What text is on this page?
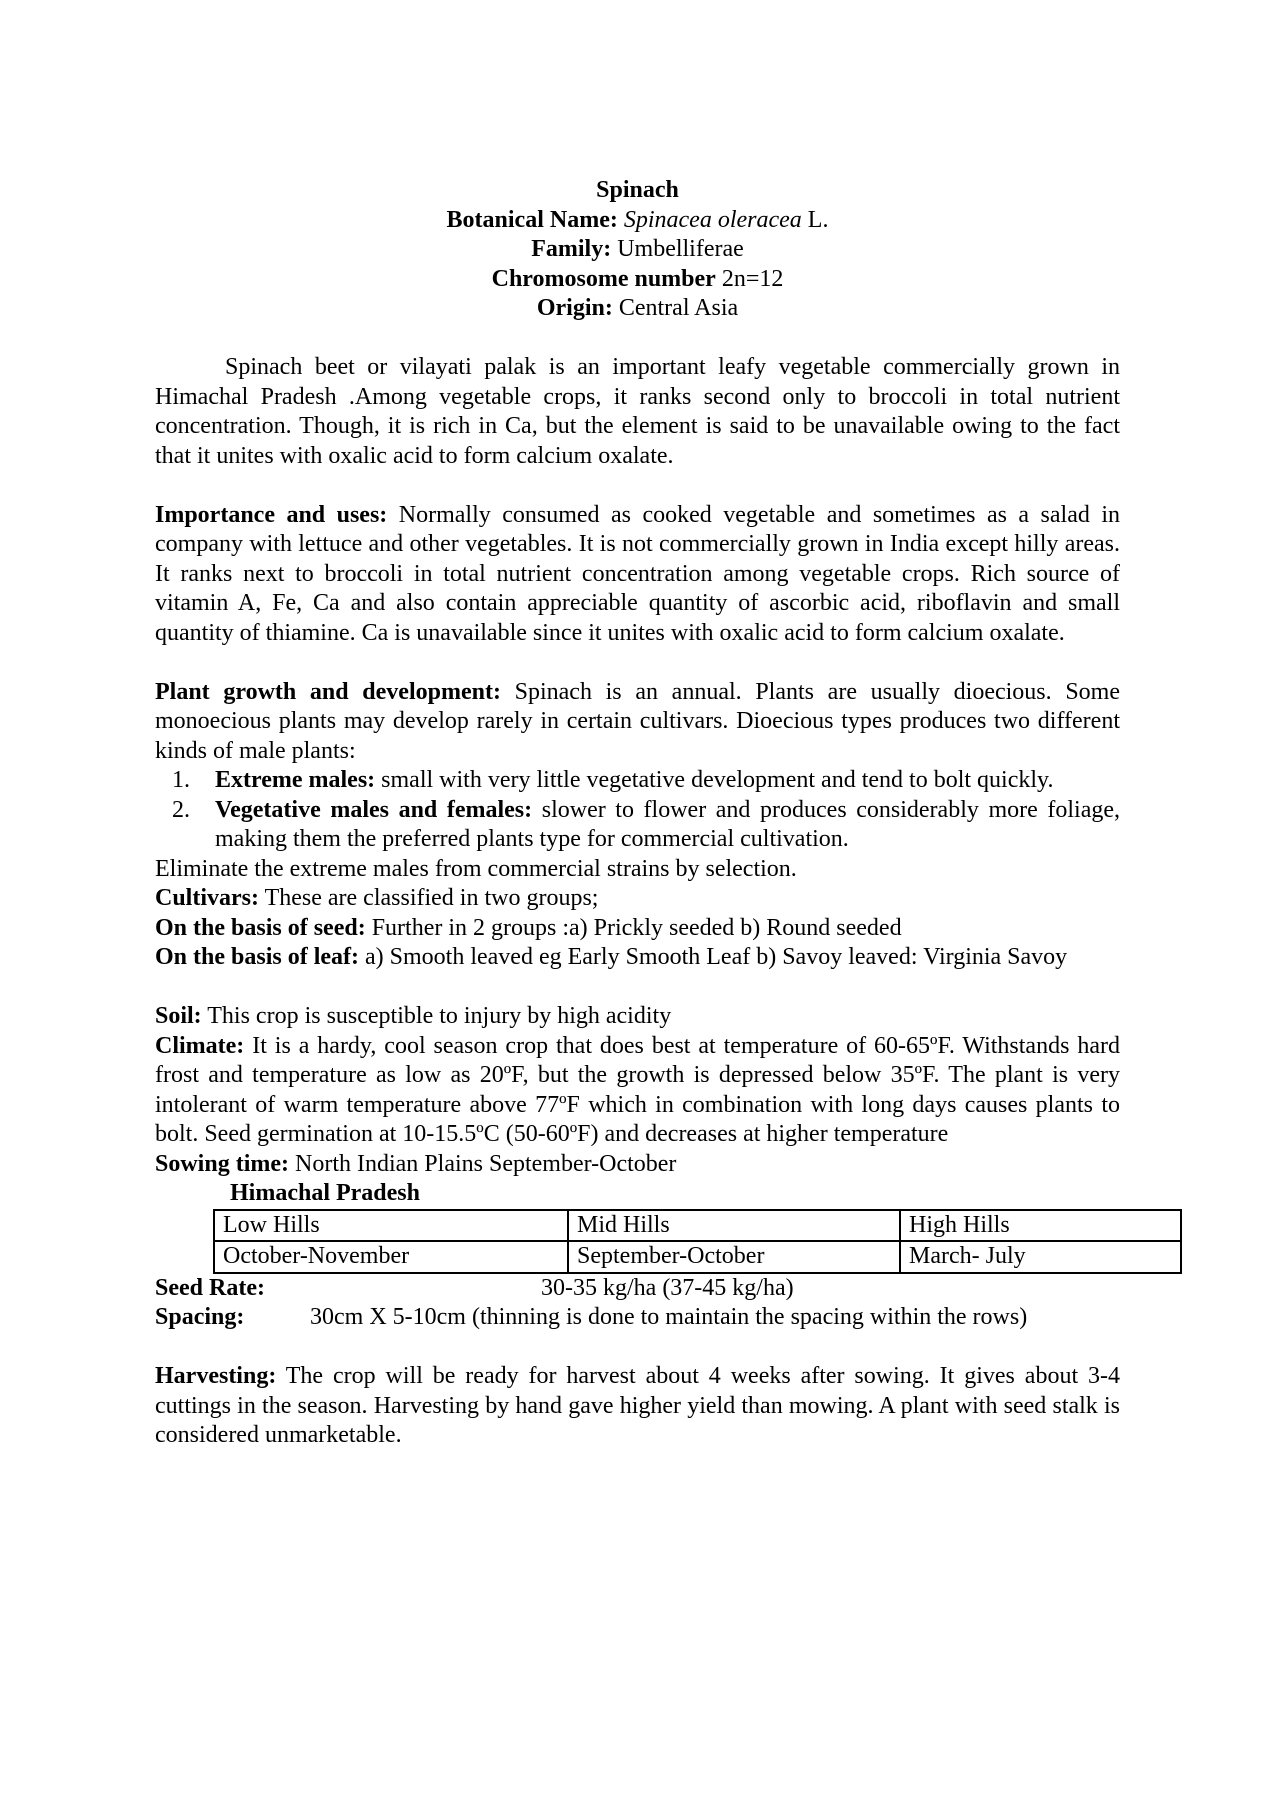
Spinach

Botanical Name: Spinacea oleracea L.

Family: Umbelliferae

Chromosome number 2n=12

Origin: Central Asia

Spinach beet or vilayati palak is an important leafy vegetable commercially grown in Himachal Pradesh .Among vegetable crops, it ranks second only to broccoli in total nutrient concentration. Though, it is rich in Ca, but the element is said to be unavailable owing to the fact that it unites with oxalic acid to form calcium oxalate.

Importance and uses: Normally consumed as cooked vegetable and sometimes as a salad in company with lettuce and other vegetables. It is not commercially grown in India except hilly areas. It ranks next to broccoli in total nutrient concentration among vegetable crops. Rich source of vitamin A, Fe, Ca and also contain appreciable quantity of ascorbic acid, riboflavin and small quantity of thiamine. Ca is unavailable since it unites with oxalic acid to form calcium oxalate.

Plant growth and development: Spinach is an annual. Plants are usually dioecious. Some monoecious plants may develop rarely in certain cultivars. Dioecious types produces two different kinds of male plants:

1. Extreme males: small with very little vegetative development and tend to bolt quickly.
2. Vegetative males and females: slower to flower and produces considerably more foliage, making them the preferred plants type for commercial cultivation.

Eliminate the extreme males from commercial strains by selection.

Cultivars: These are classified in two groups;

On the basis of seed: Further in 2 groups :a) Prickly seeded b) Round seeded

On the basis of leaf: a) Smooth leaved eg Early Smooth Leaf b) Savoy leaved: Virginia Savoy

Soil: This crop is susceptible to injury by high acidity

Climate: It is a hardy, cool season crop that does best at temperature of 60-65ºF. Withstands hard frost and temperature as low as 20ºF, but the growth is depressed below 35ºF. The plant is very intolerant of warm temperature above 77ºF which in combination with long days causes plants to bolt. Seed germination at 10-15.5ºC (50-60ºF) and decreases at higher temperature

Sowing time: North Indian Plains September-October

Himachal Pradesh

Low Hills	Mid Hills	High Hills
October-November	September-October	March- July
Seed Rate:	30-35 kg/ha (37-45 kg/ha)
Spacing:	30cm X 5-10cm (thinning is done to maintain the spacing within the rows)

Harvesting: The crop will be ready for harvest about 4 weeks after sowing. It gives about 3-4 cuttings in the season. Harvesting by hand gave higher yield than mowing. A plant with seed stalk is considered unmarketable.
